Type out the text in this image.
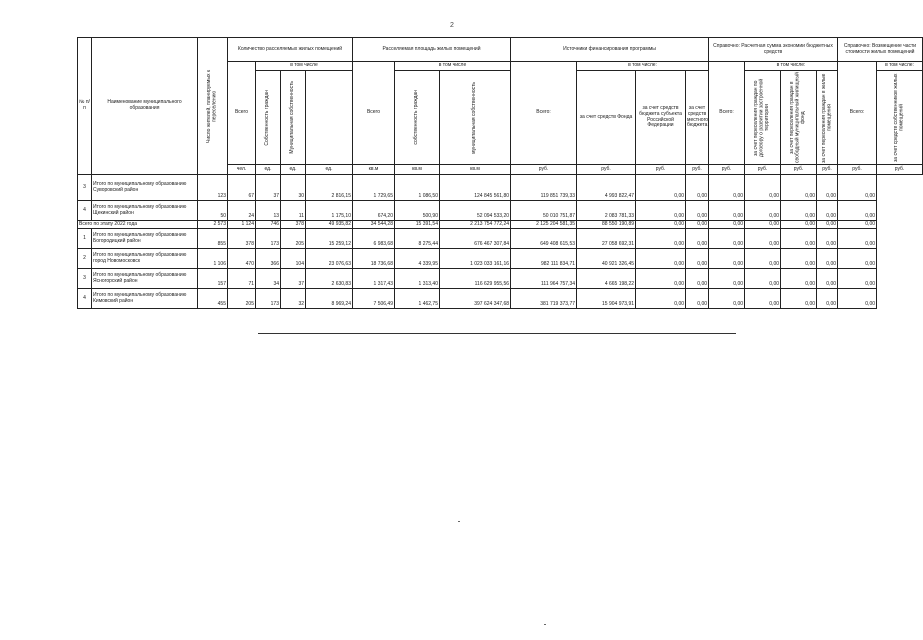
2
№ п/п	Наименование муниципального образования	Число жителей, планируемых к переселению	Количество расселяемых жилых помещений				Расселяемая площадь жилых помещений			Источники финансирования программы				Справочно: Расчетная сумма экономии бюджетных средств				Справочно: Возмещение части стоимости жилых помещений		
			Всего	в том числе			Всего	в том числе		Всего:	в том числе:			Всего:	в том числе:			Всего:	в том числе:	

				Собственность граждан	Муниципальная собственность			собственность граждан	муниципальная собственность		за счет средств Фонда	за счет средств бюджета субъекта Российской Федерации	за счет средств местного бюджета		за счет переселения граждан по договору о развитии застроенной территории	за счет переселения граждан в свободный муниципальный жилищный фонд	за счет переселения граждан в жилые помещения		за счет средств собственников жилых помещений

			чел.	ед.	ед.	ед.	кв.м	кв.м	кв.м	руб.	руб.	руб.	руб.	руб.	руб.	руб.	руб.	руб.	руб.	
3	Итого по муниципальному образованию Суворовский район	123	67	37	30	2 816,15	1 729,65	1 086,50	124 845 561,80	119 851 739,33	4 993 822,47	0,00	0,00	0,00	0,00	0,00	0,00	0,00		
4	Итого по муниципальному образованию Щекинский район	50	24	13	11	1 175,10	674,20	500,90	52 094 533,20	50 010 751,87	2 083 781,33	0,00	0,00	0,00	0,00	0,00	0,00	0,00		
Всего по этапу 2022 года		2 573	1 124	746	378	49 935,82	34 544,28	15 391,54	2 213 754 772,24	2 125 204 581,35	88 550 190,89	0,00	0,00	0,00	0,00	0,00	0,00	0,00		
1	Итого по муниципальному образованию Богородицкий район	855	378	173	205	15 259,12	6 983,68	8 275,44	676 467 307,84	649 408 615,53	27 058 692,31	0,00	0,00	0,00	0,00	0,00	0,00	0,00		
2	Итого по муниципальному образованию город Новомосковск	1 106	470	366	104	23 076,63	18 736,68	4 339,95	1 023 033 161,16	982 111 834,71	40 921 326,45	0,00	0,00	0,00	0,00	0,00	0,00	0,00		
3	Итого по муниципальному образованию Ясногорский район	157	71	34	37	2 630,83	1 317,43	1 313,40	116 629 955,56	111 964 757,34	4 665 198,22	0,00	0,00	0,00	0,00	0,00	0,00	0,00		
4	Итого по муниципальному образованию Кимовский район	455	205	173	32	8 969,24	7 506,49	1 462,75	397 624 347,68	381 719 373,77	15 904 973,91	0,00	0,00	0,00	0,00	0,00	0,00	0,00		
